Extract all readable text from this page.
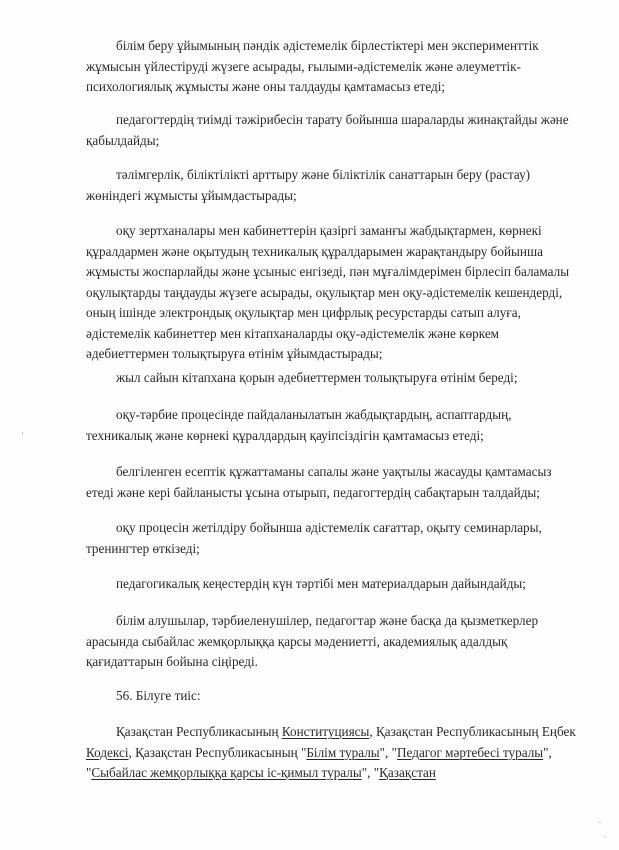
білім беру ұйымының пәндік әдістемелік бірлестіктері мен эксперименттік жұмысын үйлестіруді жүзеге асырады, ғылыми-әдістемелік және әлеуметтік-психологиялық жұмысты және оны талдауды қамтамасыз етеді;

педагогтердің тиімді тәжірибесін тарату бойынша шараларды жинақтайды және қабылдайды;

тәлімгерлік, біліктілікті арттыру және біліктілік санаттарын беру (растау) жөніндегі жұмысты ұйымдастырады;

оқу зертханалары мен кабинеттерін қазіргі заманғы жабдықтармен, көрнекі құралдармен және оқытудың техникалық құралдарымен жарақтандыру бойынша жұмысты жоспарлайды және ұсыныс енгізеді, пән мұғалімдерімен бірлесіп баламалы оқулықтарды таңдауды жүзеге асырады, оқулықтар мен оқу-әдістемелік кешендерді, оның ішінде электрондық оқулықтар мен цифрлық ресурстарды сатып алуға, әдістемелік кабинеттер мен кітапханаларды оқу-әдістемелік және көркем әдебиеттермен толықтыруға өтінім ұйымдастырады;

жыл сайын кітапхана қорын әдебиеттермен толықтыруға өтінім береді;

оқу-тәрбие процесінде пайдаланылатын жабдықтардың, аспаптардың, техникалық және көрнекі құралдардың қауіпсіздігін қамтамасыз етеді;

белгіленген есептік құжаттаманы сапалы және уақтылы жасауды қамтамасыз етеді және кері байланысты ұсына отырып, педагогтердің сабақтарын талдайды;

оқу процесін жетілдіру бойынша әдістемелік сағаттар, оқыту семинарлары, тренингтер өткізеді;

педагогикалық кеңестердің күн тәртібі мен материалдарын дайындайды;

білім алушылар, тәрбиеленушілер, педагогтар және басқа да қызметкерлер арасында сыбайлас жемқорлыққа қарсы мәдениетті, академиялық адалдық қағидаттарын бойына сіңіреді.

56. Білуге тиіс:

Қазақстан Республикасының Конституциясы, Қазақстан Республикасының Еңбек Кодексі, Қазақстан Республикасының "Білім туралы", "Педагог мәртебесі туралы", "Сыбайлас жемқорлыққа қарсы іс-қимыл туралы", "Қазақстан
